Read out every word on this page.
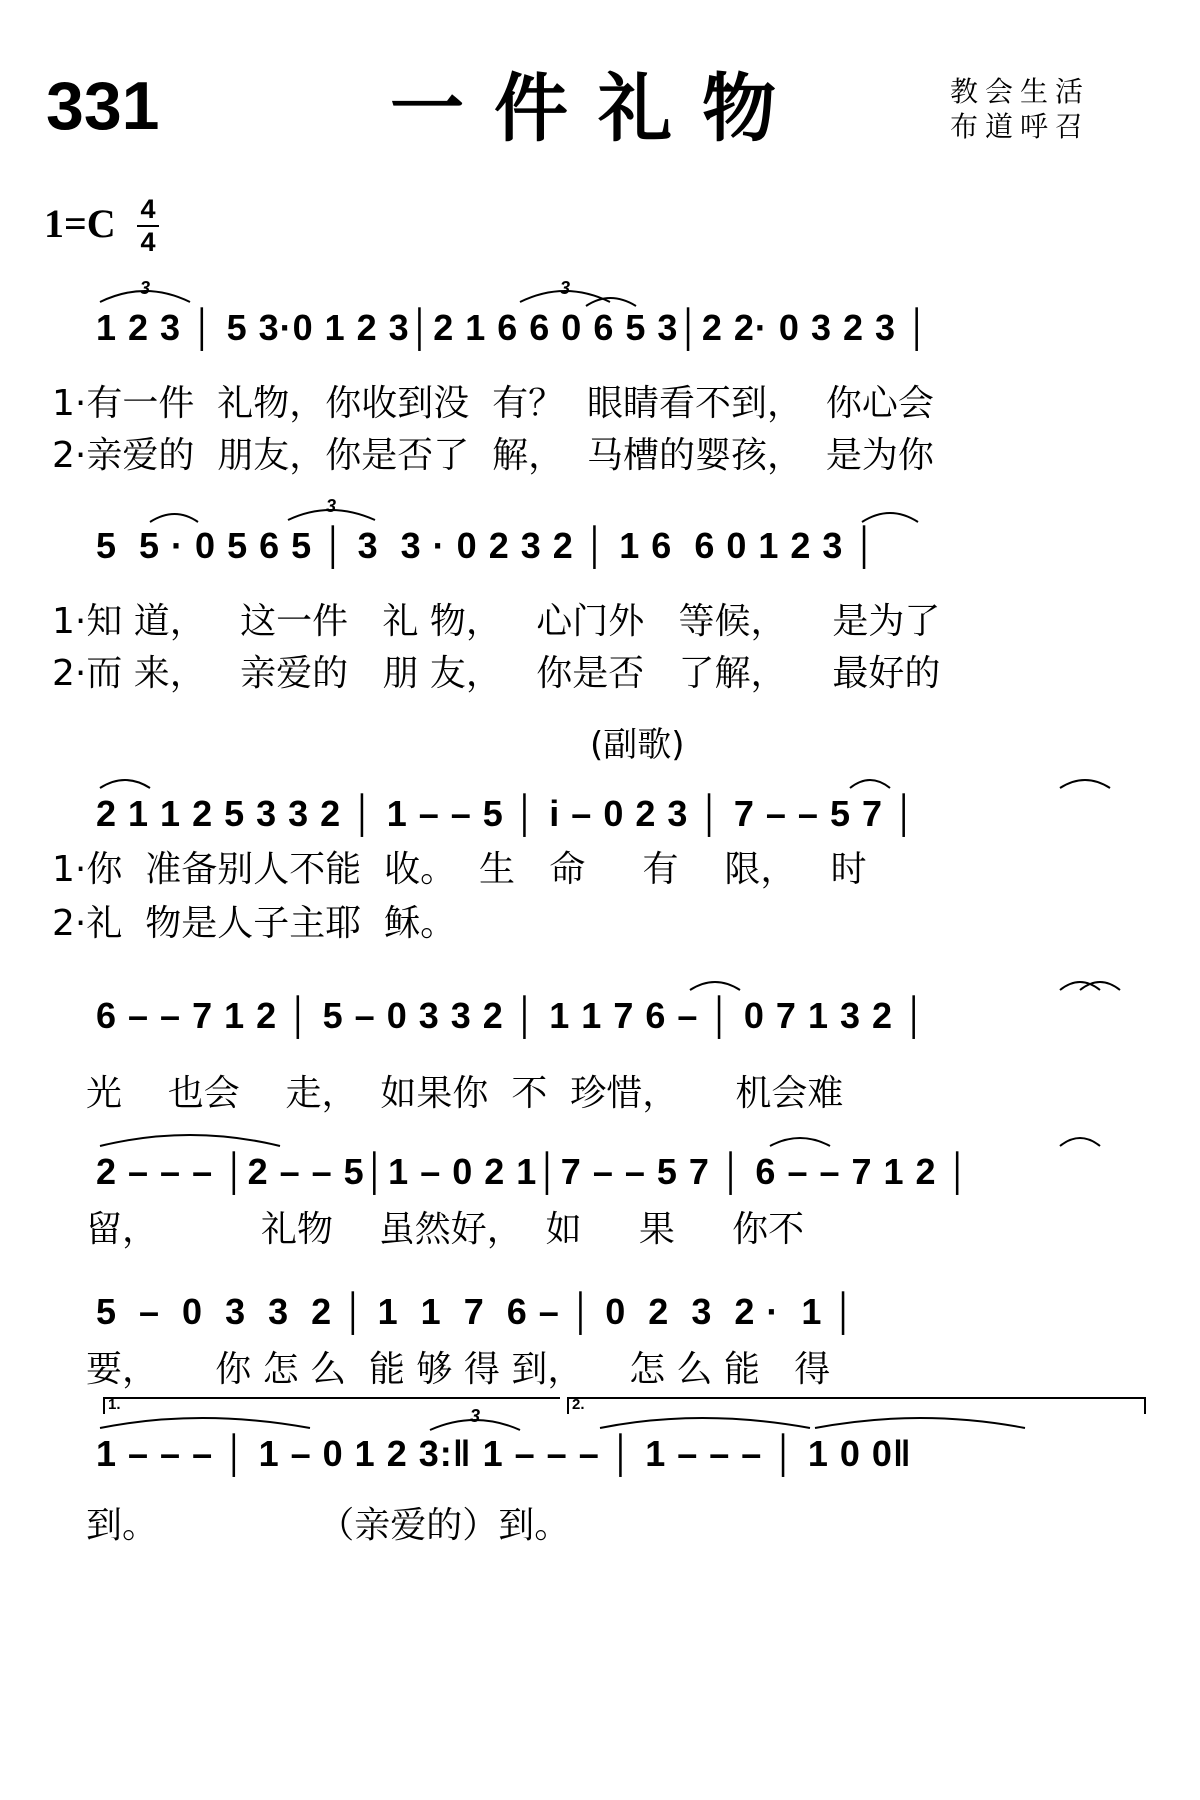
331	一件礼物	教会生活
布道呼召
1=C 4
4
1 2 3 │ 5 3·0 1 2 3│2 1 6 6 0 6 5 3│2 2· 0 3 2 3 │
1·有一件  礼物，你收到没  有？  眼睛看不到，  你心会
2·亲爱的  朋友，你是否了  解，  马槽的婴孩，  是为你
5  5 · 0 5 6 5 │ 3  3 · 0 2 3 2 │ 1 6  6 0 1 2 3 │
1·知 道，   这一件   礼 物，   心门外   等候，    是为了
2·而 来，   亲爱的   朋 友，   你是否   了解，    最好的
(副歌)
2 1 1 2 5 3 3 2 │ 1 – – 5 │ i – 0 2 3 │ 7 – – 5 7 │
1·你  准备别人不能  收。  生   命     有    限，   时
2·礼  物是人子主耶  稣。
6 – – 7 1 2 │ 5 – 0 3 3 2 │ 1 1 7 6 – │ 0 7 1 3 2 │
光    也会    走，  如果你  不  珍惜，     机会难
2 – – – │2 – – 5│1 – 0 2 1│7 – – 5 7 │ 6 – – 7 1 2 │
留，         礼物    虽然好，  如     果     你不
5  –  0  3  3  2 │ 1  1  7  6 – │ 0  2  3  2 ·  1 │
要，     你 怎 么  能 够 得 到，    怎 么 能   得
1.	2.
1 – – – │ 1 – 0 1 2 3:‖ 1 – – – │ 1 – – – │ 1 0 0‖
到。              （亲爱的）到。
3	3
3
3
